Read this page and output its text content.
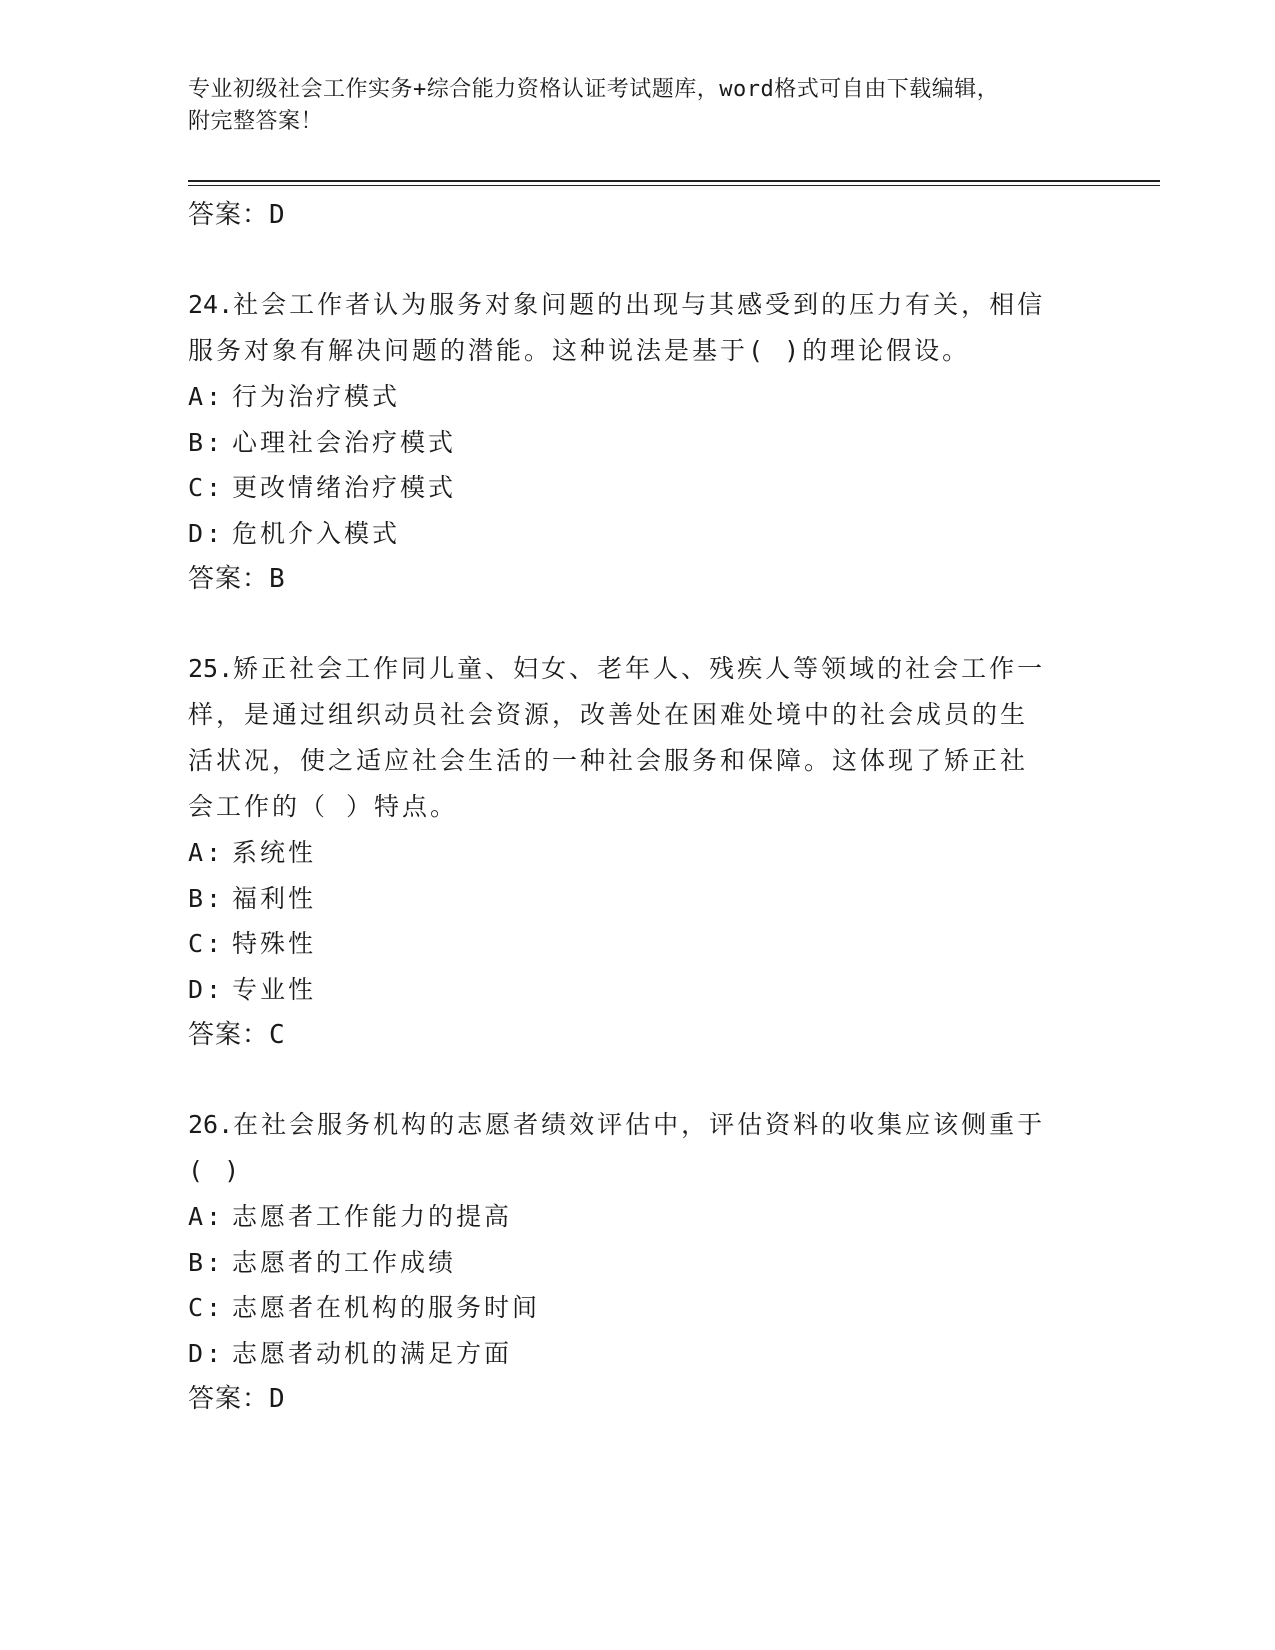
专业初级社会工作实务+综合能力资格认证考试题库，word格式可自由下载编辑，
附完整答案！
答案：D
24.社会工作者认为服务对象问题的出现与其感受到的压力有关，相信
服务对象有解决问题的潜能。这种说法是基于( )的理论假设。
A: 行为治疗模式
B: 心理社会治疗模式
C: 更改情绪治疗模式
D: 危机介入模式
答案：B
25.矫正社会工作同儿童、妇女、老年人、残疾人等领域的社会工作一
样，是通过组织动员社会资源，改善处在困难处境中的社会成员的生
活状况，使之适应社会生活的一种社会服务和保障。这体现了矫正社
会工作的（ ）特点。
A: 系统性
B: 福利性
C: 特殊性
D: 专业性
答案：C
26.在社会服务机构的志愿者绩效评估中，评估资料的收集应该侧重于
( )
A: 志愿者工作能力的提高
B: 志愿者的工作成绩
C: 志愿者在机构的服务时间
D: 志愿者动机的满足方面
答案：D
